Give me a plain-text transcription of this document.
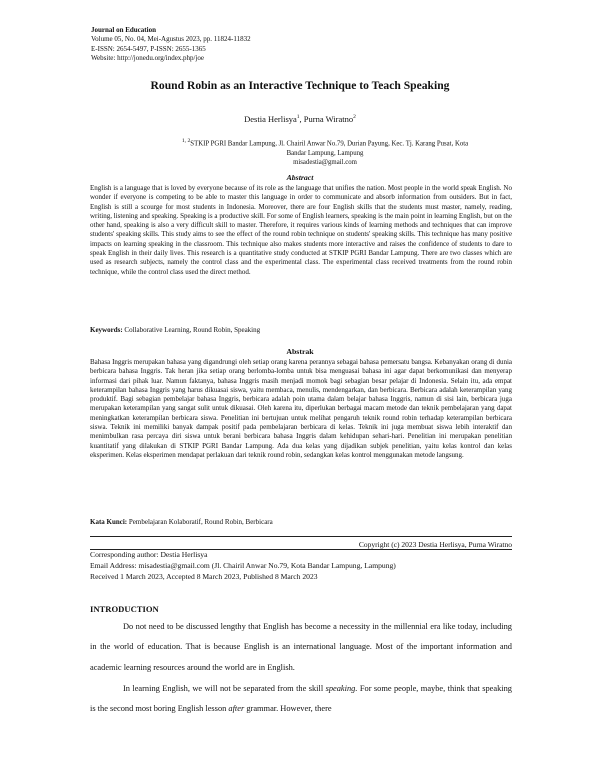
Journal on Education
Volume 05, No. 04, Mei-Agustus 2023, pp. 11824-11832
E-ISSN: 2654-5497, P-ISSN: 2655-1365
Website: http://jonedu.org/index.php/joe
Round Robin as an Interactive Technique to Teach Speaking
Destia Herlisya$^1$, Purna Wiratno$^2$
$^{1, 2}$STKIP PGRI Bandar Lampung, Jl. Chairil Anwar No.79, Durian Payung, Kec. Tj. Karang Pusat, Kota Bandar Lampung, Lampung
misadestia@gmail.com
Abstract

English is a language that is loved by everyone because of its role as the language that unifies the nation. Most people in the world speak English. No wonder if everyone is competing to be able to master this language in order to communicate and absorb information from outsiders. But in fact, English is still a scourge for most students in Indonesia. Moreover, there are four English skills that the students must master, namely, reading, writing, listening and speaking. Speaking is a productive skill. For some of English learners, speaking is the main point in learning English, but on the other hand, speaking is also a very difficult skill to master. Therefore, it requires various kinds of learning methods and techniques that can improve students' speaking skills. This study aims to see the effect of the round robin technique on students' speaking skills. This technique has many positive impacts on learning speaking in the classroom. This technique also makes students more interactive and raises the confidence of students to dare to speak English in their daily lives. This research is a quantitative study conducted at STKIP PGRI Bandar Lampung. There are two classes which are used as research subjects, namely the control class and the experimental class. The experimental class received treatments from the round robin technique, while the control class used the direct method.

Keywords: Collaborative Learning, Round Robin, Speaking
Abstrak

Bahasa Inggris merupakan bahasa yang digandrungi oleh setiap orang karena perannya sebagai bahasa pemersatu bangsa. Kebanyakan orang di dunia berbicara bahasa Inggris. Tak heran jika setiap orang berlomba-lomba untuk bisa menguasai bahasa ini agar dapat berkomunikasi dan menyerap informasi dari pihak luar. Namun faktanya, bahasa Inggris masih menjadi momok bagi sebagian besar pelajar di Indonesia. Selain itu, ada empat keterampilan bahasa Inggris yang harus dikuasai siswa, yaitu membaca, menulis, mendengarkan, dan berbicara. Berbicara adalah keterampilan yang produktif. Bagi sebagian pembelajar bahasa Inggris, berbicara adalah poin utama dalam belajar bahasa Inggris, namun di sisi lain, berbicara juga merupakan keterampilan yang sangat sulit untuk dikuasai. Oleh karena itu, diperlukan berbagai macam metode dan teknik pembelajaran yang dapat meningkatkan keterampilan berbicara siswa. Penelitian ini bertujuan untuk melihat pengaruh teknik round robin terhadap keterampilan berbicara siswa. Teknik ini memiliki banyak dampak positif pada pembelajaran berbicara di kelas. Teknik ini juga membuat siswa lebih interaktif dan menimbulkan rasa percaya diri siswa untuk berani berbicara bahasa Inggris dalam kehidupan sehari-hari. Penelitian ini merupakan penelitian kuantitatif yang dilakukan di STKIP PGRI Bandar Lampung. Ada dua kelas yang dijadikan subjek penelitian, yaitu kelas kontrol dan kelas eksperimen. Kelas eksperimen mendapat perlakuan dari teknik round robin, sedangkan kelas kontrol menggunakan metode langsung.

Kata Kunci: Pembelajaran Kolaboratif, Round Robin, Berbicara
Copyright (c) 2023 Destia Herlisya, Purna Wiratno
Corresponding author: Destia Herlisya
Email Address: misadestia@gmail.com (Jl. Chairil Anwar No.79, Kota Bandar Lampung, Lampung)
Received 1 March 2023, Accepted 8 March 2023, Published 8 March 2023
INTRODUCTION

Do not need to be discussed lengthy that English has become a necessity in the millennial era like today, including in the world of education. That is because English is an international language. Most of the important information and academic learning resources around the world are in English.

In learning English, we will not be separated from the skill speaking. For some people, maybe, think that speaking is the second most boring English lesson after grammar. However, there
